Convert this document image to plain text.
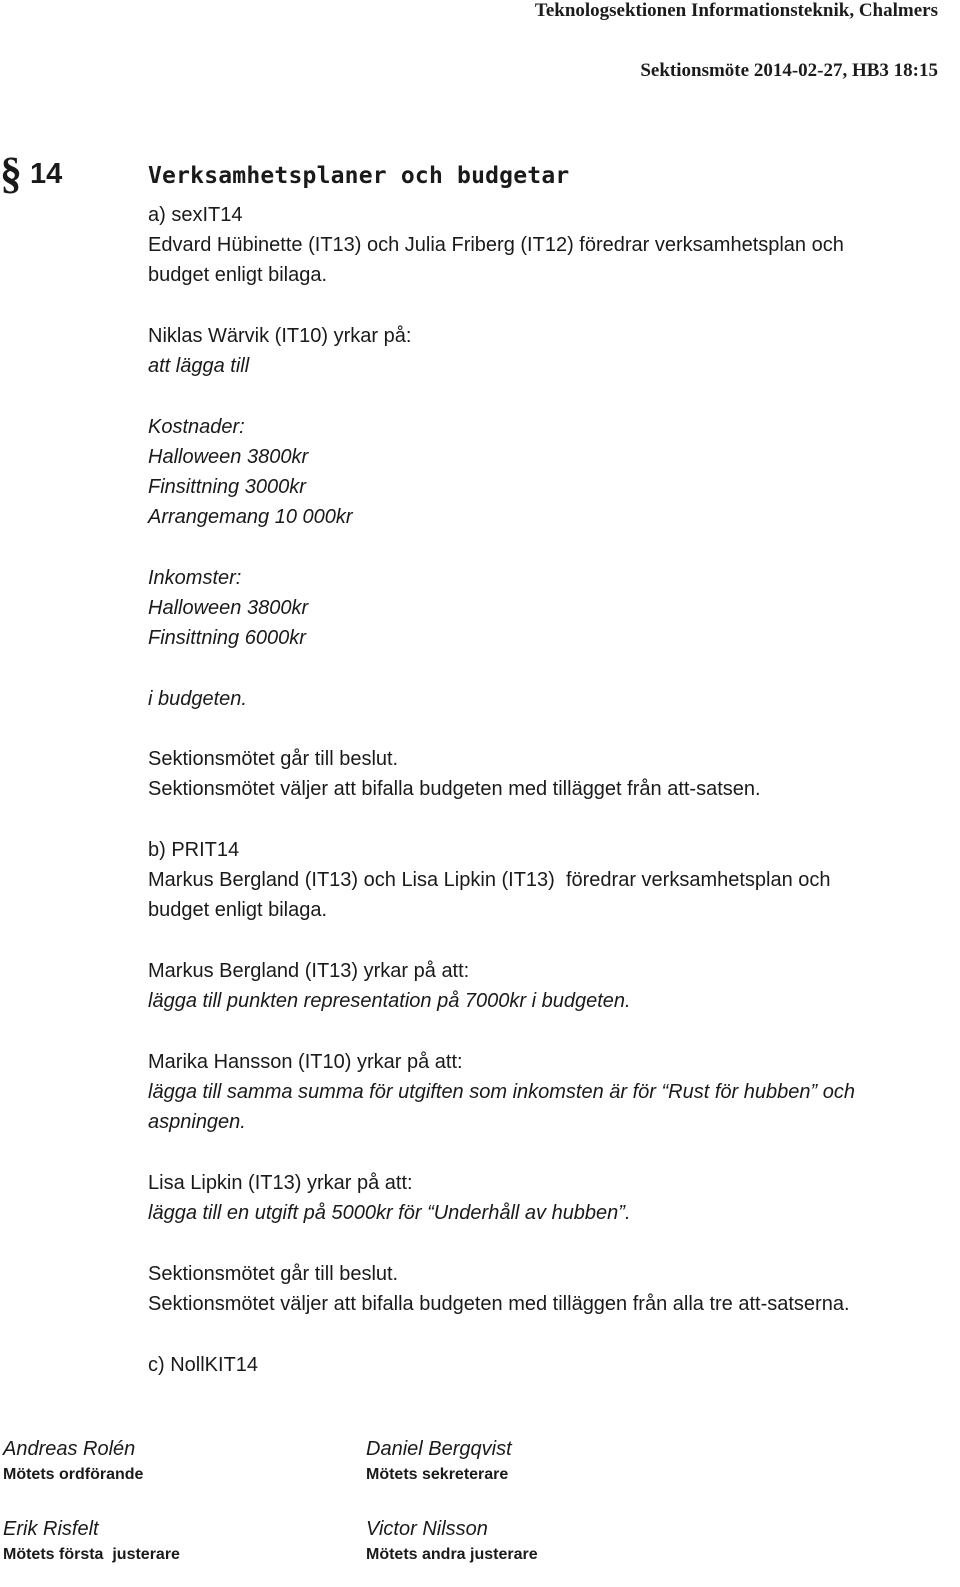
Teknologsektionen Informationsteknik, Chalmers
Sektionsmöte 2014-02-27, HB3 18:15
§ 14	Verksamhetsplaner och budgetar
a) sexIT14
Edvard Hübinette (IT13) och Julia Friberg (IT12) föredrar verksamhetsplan och
budget enligt bilaga.
Niklas Wärvik (IT10) yrkar på:
att lägga till
Kostnader:
Halloween 3800kr
Finsittning 3000kr
Arrangemang 10 000kr
Inkomster:
Halloween 3800kr
Finsittning 6000kr
i budgeten.
Sektionsmötet går till beslut.
Sektionsmötet väljer att bifalla budgeten med tillägget från att-satsen.
b) PRIT14
Markus Bergland (IT13) och Lisa Lipkin (IT13)  föredrar verksamhetsplan och
budget enligt bilaga.
Markus Bergland (IT13) yrkar på att:
lägga till punkten representation på 7000kr i budgeten.
Marika Hansson (IT10) yrkar på att:
lägga till samma summa för utgiften som inkomsten är för “Rust för hubben” och
aspningen.
Lisa Lipkin (IT13) yrkar på att:
lägga till en utgift på 5000kr för “Underhåll av hubben”.
Sektionsmötet går till beslut.
Sektionsmötet väljer att bifalla budgeten med tilläggen från alla tre att-satserna.
c) NollKIT14
Andreas Rolén
Mötets ordförande
Daniel Bergqvist
Mötets sekreterare
Erik Risfelt
Mötets första  justerare
Victor Nilsson
Mötets andra justerare
